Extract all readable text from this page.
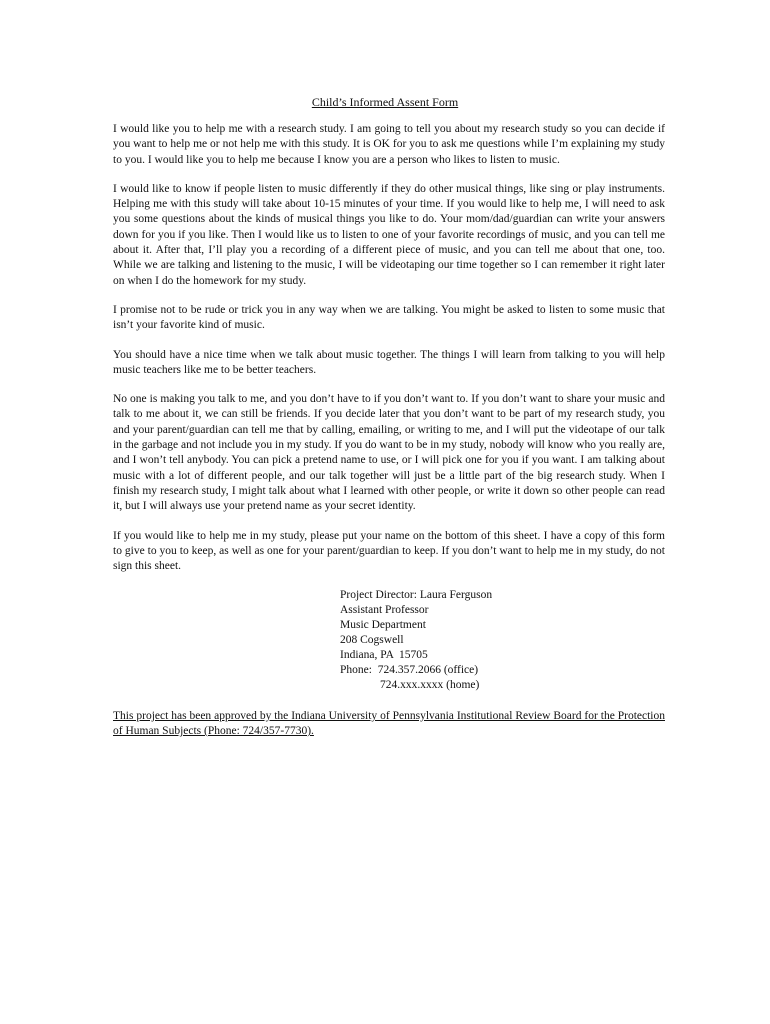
Child’s Informed Assent Form

I would like you to help me with a research study. I am going to tell you about my research study so you can decide if you want to help me or not help me with this study. It is OK for you to ask me questions while I’m explaining my study to you. I would like you to help me because I know you are a person who likes to listen to music.

I would like to know if people listen to music differently if they do other musical things, like sing or play instruments. Helping me with this study will take about 10-15 minutes of your time. If you would like to help me, I will need to ask you some questions about the kinds of musical things you like to do. Your mom/dad/guardian can write your answers down for you if you like. Then I would like us to listen to one of your favorite recordings of music, and you can tell me about it. After that, I’ll play you a recording of a different piece of music, and you can tell me about that one, too. While we are talking and listening to the music, I will be videotaping our time together so I can remember it right later on when I do the homework for my study.

I promise not to be rude or trick you in any way when we are talking. You might be asked to listen to some music that isn’t your favorite kind of music.

You should have a nice time when we talk about music together. The things I will learn from talking to you will help music teachers like me to be better teachers.

No one is making you talk to me, and you don’t have to if you don’t want to. If you don’t want to share your music and talk to me about it, we can still be friends. If you decide later that you don’t want to be part of my research study, you and your parent/guardian can tell me that by calling, emailing, or writing to me, and I will put the videotape of our talk in the garbage and not include you in my study. If you do want to be in my study, nobody will know who you really are, and I won’t tell anybody. You can pick a pretend name to use, or I will pick one for you if you want. I am talking about music with a lot of different people, and our talk together will just be a little part of the big research study. When I finish my research study, I might talk about what I learned with other people, or write it down so other people can read it, but I will always use your pretend name as your secret identity.

If you would like to help me in my study, please put your name on the bottom of this sheet. I have a copy of this form to give to you to keep, as well as one for your parent/guardian to keep. If you don’t want to help me in my study, do not sign this sheet.

Project Director: Laura Ferguson
Assistant Professor
Music Department
208 Cogswell
Indiana, PA  15705
Phone:  724.357.2066 (office)
724.xxx.xxxx (home)

This project has been approved by the Indiana University of Pennsylvania Institutional Review Board for the Protection of Human Subjects (Phone: 724/357-7730).
